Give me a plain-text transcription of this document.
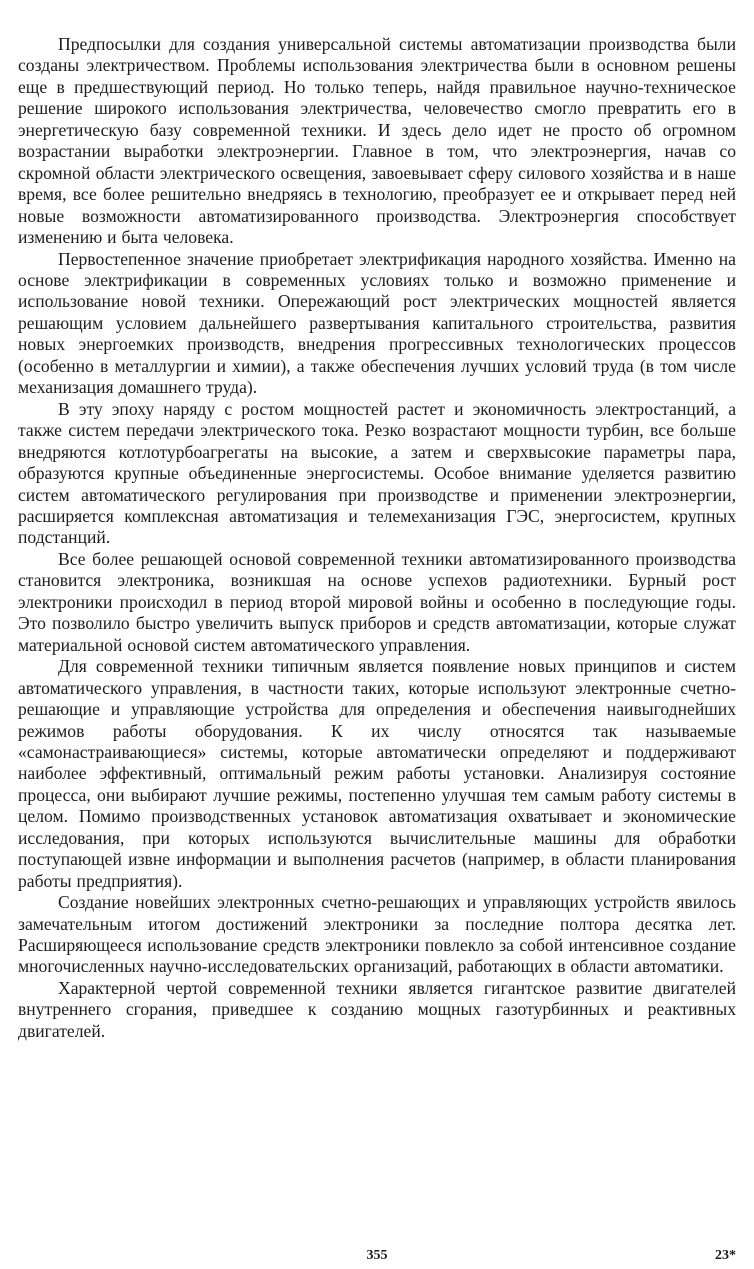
Предпосылки для создания универсальной системы автоматизации производства были созданы электричеством. Проблемы использования электричества были в основном решены еще в предшествующий период. Но только теперь, найдя правильное научно-техническое решение широкого использования электричества, человечество смогло превратить его в энергетическую базу современной техники. И здесь дело идет не просто об огромном возрастании выработки электроэнергии. Главное в том, что электроэнергия, начав со скромной области электрического освещения, завоевывает сферу силового хозяйства и в наше время, все более решительно внедряясь в технологию, преобразует ее и открывает перед ней новые возможности автоматизированного производства. Электроэнергия способствует изменению и быта человека.

Первостепенное значение приобретает электрификация народного хозяйства. Именно на основе электрификации в современных условиях только и возможно применение и использование новой техники. Опережающий рост электрических мощностей является решающим условием дальнейшего развертывания капитального строительства, развития новых энергоемких производств, внедрения прогрессивных технологических процессов (особенно в металлургии и химии), а также обеспечения лучших условий труда (в том числе механизация домашнего труда).

В эту эпоху наряду с ростом мощностей растет и экономичность электростанций, а также систем передачи электрического тока. Резко возрастают мощности турбин, все больше внедряются котлотурбоагрегаты на высокие, а затем и сверхвысокие параметры пара, образуются крупные объединенные энергосистемы. Особое внимание уделяется развитию систем автоматического регулирования при производстве и применении электроэнергии, расширяется комплексная автоматизация и телемеханизация ГЭС, энергосистем, крупных подстанций.

Все более решающей основой современной техники автоматизированного производства становится электроника, возникшая на основе успехов радиотехники. Бурный рост электроники происходил в период второй мировой войны и особенно в последующие годы. Это позволило быстро увеличить выпуск приборов и средств автоматизации, которые служат материальной основой систем автоматического управления.

Для современной техники типичным является появление новых принципов и систем автоматического управления, в частности таких, которые используют электронные счетно-решающие и управляющие устройства для определения и обеспечения наивыгоднейших режимов работы оборудования. К их числу относятся так называемые «самонастраивающиеся» системы, которые автоматически определяют и поддерживают наиболее эффективный, оптимальный режим работы установки. Анализируя состояние процесса, они выбирают лучшие режимы, постепенно улучшая тем самым работу системы в целом. Помимо производственных установок автоматизация охватывает и экономические исследования, при которых используются вычислительные машины для обработки поступающей извне информации и выполнения расчетов (например, в области планирования работы предприятия).

Создание новейших электронных счетно-решающих и управляющих устройств явилось замечательным итогом достижений электроники за последние полтора десятка лет. Расширяющееся использование средств электроники повлекло за собой интенсивное создание многочисленных научно-исследовательских организаций, работающих в области автоматики.

Характерной чертой современной техники является гигантское развитие двигателей внутреннего сгорания, приведшее к созданию мощных газотурбинных и реактивных двигателей.

355	23*
